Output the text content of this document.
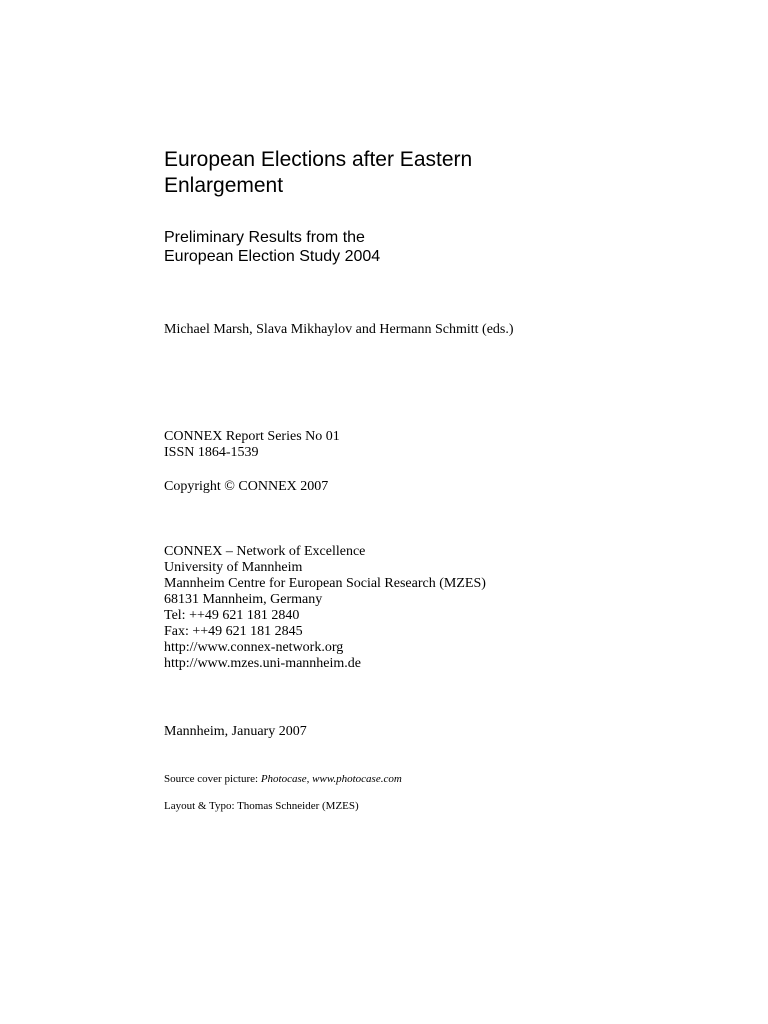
European Elections after Eastern
Enlargement
Preliminary Results from the
European Election Study 2004
Michael Marsh, Slava Mikhaylov and Hermann Schmitt (eds.)
CONNEX Report Series No 01
ISSN 1864-1539
Copyright © CONNEX 2007
CONNEX – Network of Excellence
University of Mannheim
Mannheim Centre for European Social Research (MZES)
68131 Mannheim, Germany
Tel: ++49 621 181 2840
Fax: ++49 621 181 2845
http://www.connex-network.org
http://www.mzes.uni-mannheim.de
Mannheim, January 2007
Source cover picture: Photocase, www.photocase.com
Layout & Typo: Thomas Schneider (MZES)
